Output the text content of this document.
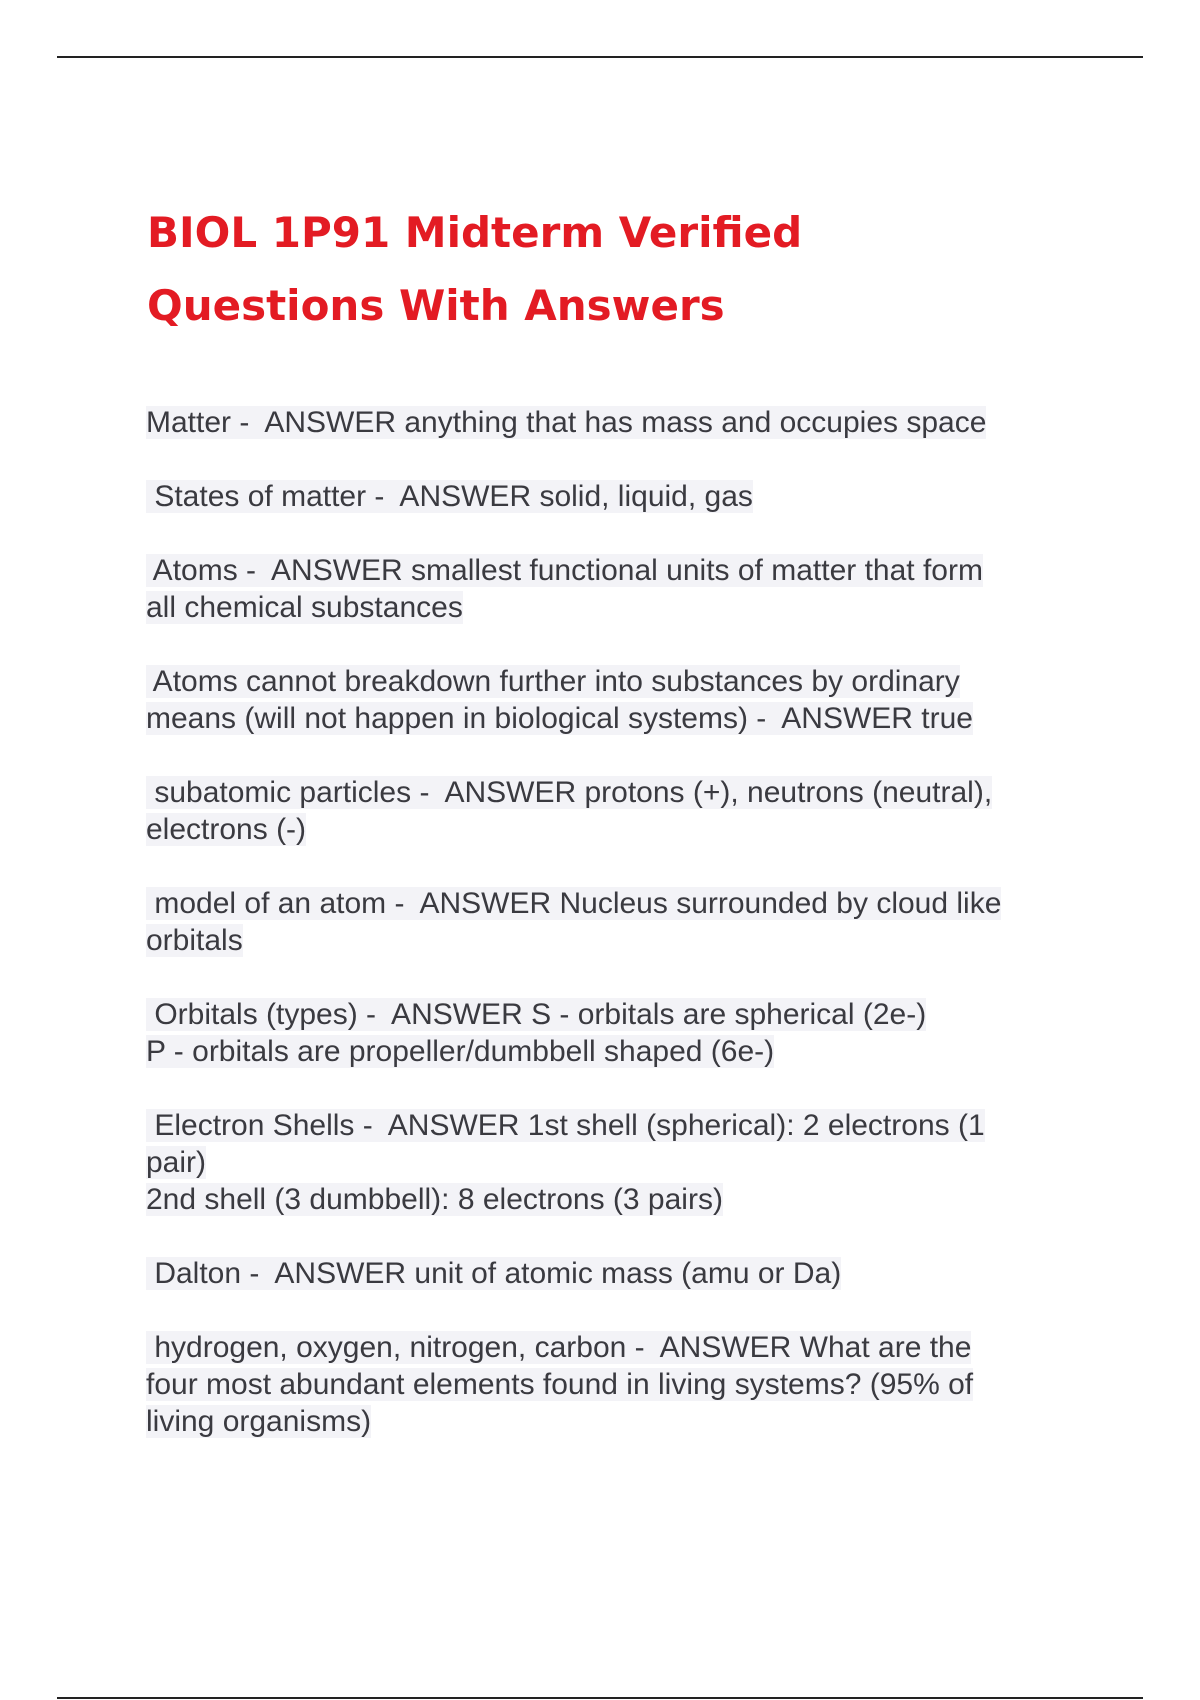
BIOL 1P91 Midterm Verified
Questions With Answers

Matter -  ANSWER anything that has mass and occupies space

States of matter -  ANSWER solid, liquid, gas

Atoms -  ANSWER smallest functional units of matter that form
all chemical substances

Atoms cannot breakdown further into substances by ordinary
means (will not happen in biological systems) -  ANSWER true

subatomic particles -  ANSWER protons (+), neutrons (neutral),
electrons (-)

model of an atom -  ANSWER Nucleus surrounded by cloud like
orbitals

Orbitals (types) -  ANSWER S - orbitals are spherical (2e-)
P - orbitals are propeller/dumbbell shaped (6e-)

Electron Shells -  ANSWER 1st shell (spherical): 2 electrons (1
pair)
2nd shell (3 dumbbell): 8 electrons (3 pairs)

Dalton -  ANSWER unit of atomic mass (amu or Da)

hydrogen, oxygen, nitrogen, carbon -  ANSWER What are the
four most abundant elements found in living systems? (95% of
living organisms)
